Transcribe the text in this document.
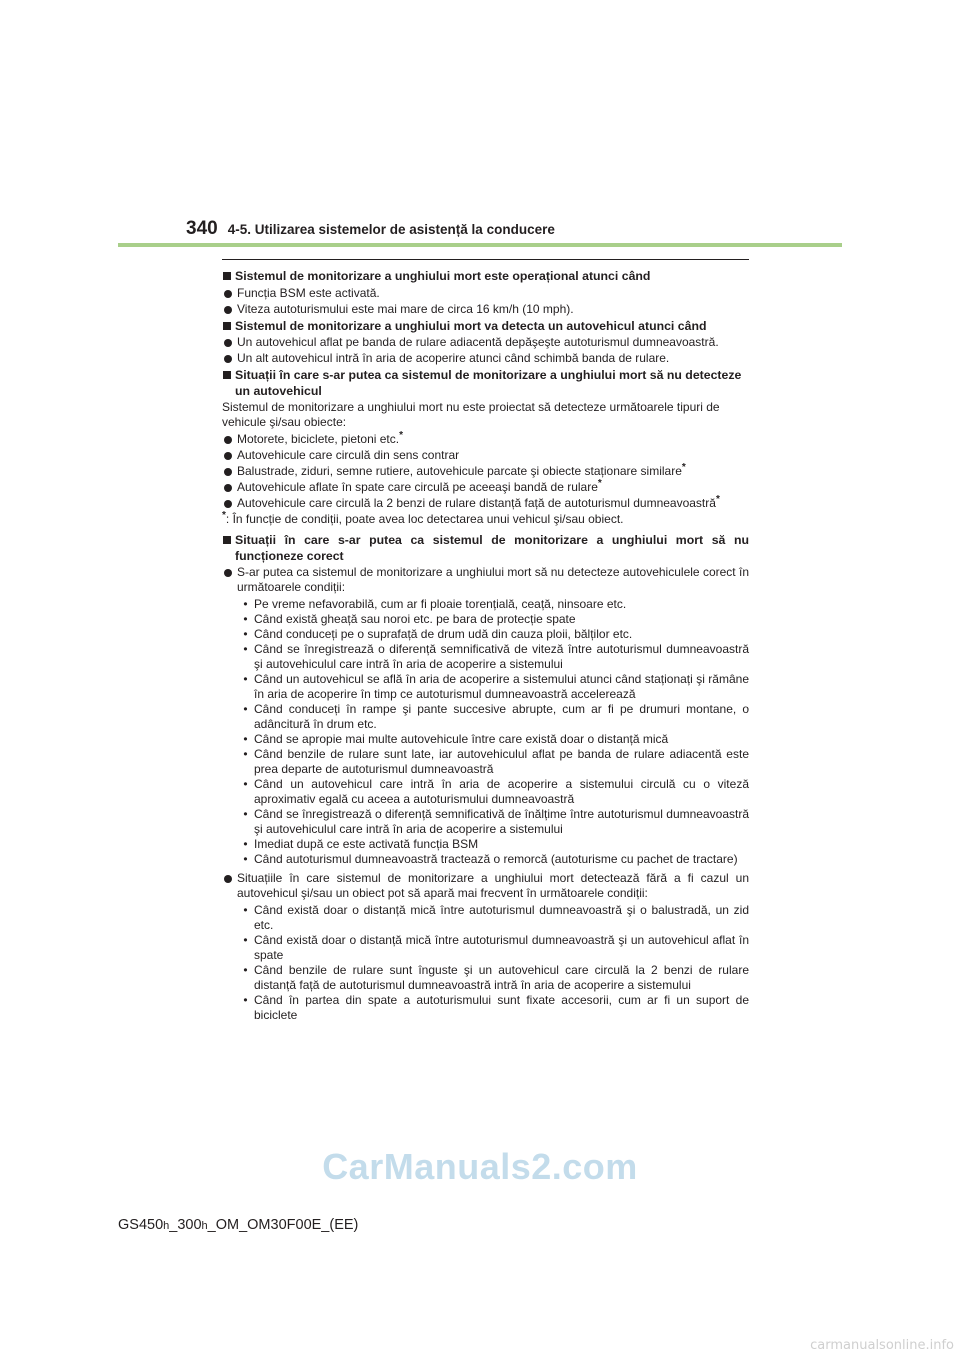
340 4-5. Utilizarea sistemelor de asistență la conducere
Sistemul de monitorizare a unghiului mort este operațional atunci când
Funcția BSM este activată.
Viteza autoturismului este mai mare de circa 16 km/h (10 mph).
Sistemul de monitorizare a unghiului mort va detecta un autovehicul atunci când
Un autovehicul aflat pe banda de rulare adiacentă depăşeşte autoturismul dumneavoastră.
Un alt autovehicul intră în aria de acoperire atunci când schimbă banda de rulare.
Situații în care s-ar putea ca sistemul de monitorizare a unghiului mort să nu detecteze un autovehicul
Sistemul de monitorizare a unghiului mort nu este proiectat să detecteze următoarele tipuri de vehicule şi/sau obiecte:
Motorete, biciclete, pietoni etc.*
Autovehicule care circulă din sens contrar
Balustrade, ziduri, semne rutiere, autovehicule parcate şi obiecte staționare similare*
Autovehicule aflate în spate care circulă pe aceeaşi bandă de rulare*
Autovehicule care circulă la 2 benzi de rulare distanță față de autoturismul dumneavoastră*
*: În funcție de condiții, poate avea loc detectarea unui vehicul şi/sau obiect.
Situații în care s-ar putea ca sistemul de monitorizare a unghiului mort să nu funcționeze corect
S-ar putea ca sistemul de monitorizare a unghiului mort să nu detecteze autovehiculele corect în următoarele condiții:
• Pe vreme nefavorabilă, cum ar fi ploaie torențială, ceață, ninsoare etc.
• Când există gheață sau noroi etc. pe bara de protecție spate
• Când conduceți pe o suprafață de drum udă din cauza ploii, bălților etc.
• Când se înregistrează o diferență semnificativă de viteză între autoturismul dumneavoastră şi autovehiculul care intră în aria de acoperire a sistemului
• Când un autovehicul se află în aria de acoperire a sistemului atunci când staționați şi rămâne în aria de acoperire în timp ce autoturismul dumneavoastră accelerează
• Când conduceți în rampe şi pante succesive abrupte, cum ar fi pe drumuri montane, o adâncitură în drum etc.
• Când se apropie mai multe autovehicule între care există doar o distanță mică
• Când benzile de rulare sunt late, iar autovehiculul aflat pe banda de rulare adiacentă este prea departe de autoturismul dumneavoastră
• Când un autovehicul care intră în aria de acoperire a sistemului circulă cu o viteză aproximativ egală cu aceea a autoturismului dumneavoastră
• Când se înregistrează o diferență semnificativă de înălțime între autoturismul dumneavoastră şi autovehiculul care intră în aria de acoperire a sistemului
• Imediat după ce este activată funcția BSM
• Când autoturismul dumneavoastră tractează o remorcă (autoturisme cu pachet de tractare)
Situațiile în care sistemul de monitorizare a unghiului mort detectează fără a fi cazul un autovehicul şi/sau un obiect pot să apară mai frecvent în următoarele condiții:
• Când există doar o distanță mică între autoturismul dumneavoastră şi o balustradă, un zid etc.
• Când există doar o distanță mică între autoturismul dumneavoastră şi un autovehicul aflat în spate
• Când benzile de rulare sunt înguste şi un autovehicul care circulă la 2 benzi de rulare distanță față de autoturismul dumneavoastră intră în aria de acoperire a sistemului
• Când în partea din spate a autoturismului sunt fixate accesorii, cum ar fi un suport de biciclete
CarManuals2.com
GS450h_300h_OM_OM30F00E_(EE)
carmanualsonline.info
